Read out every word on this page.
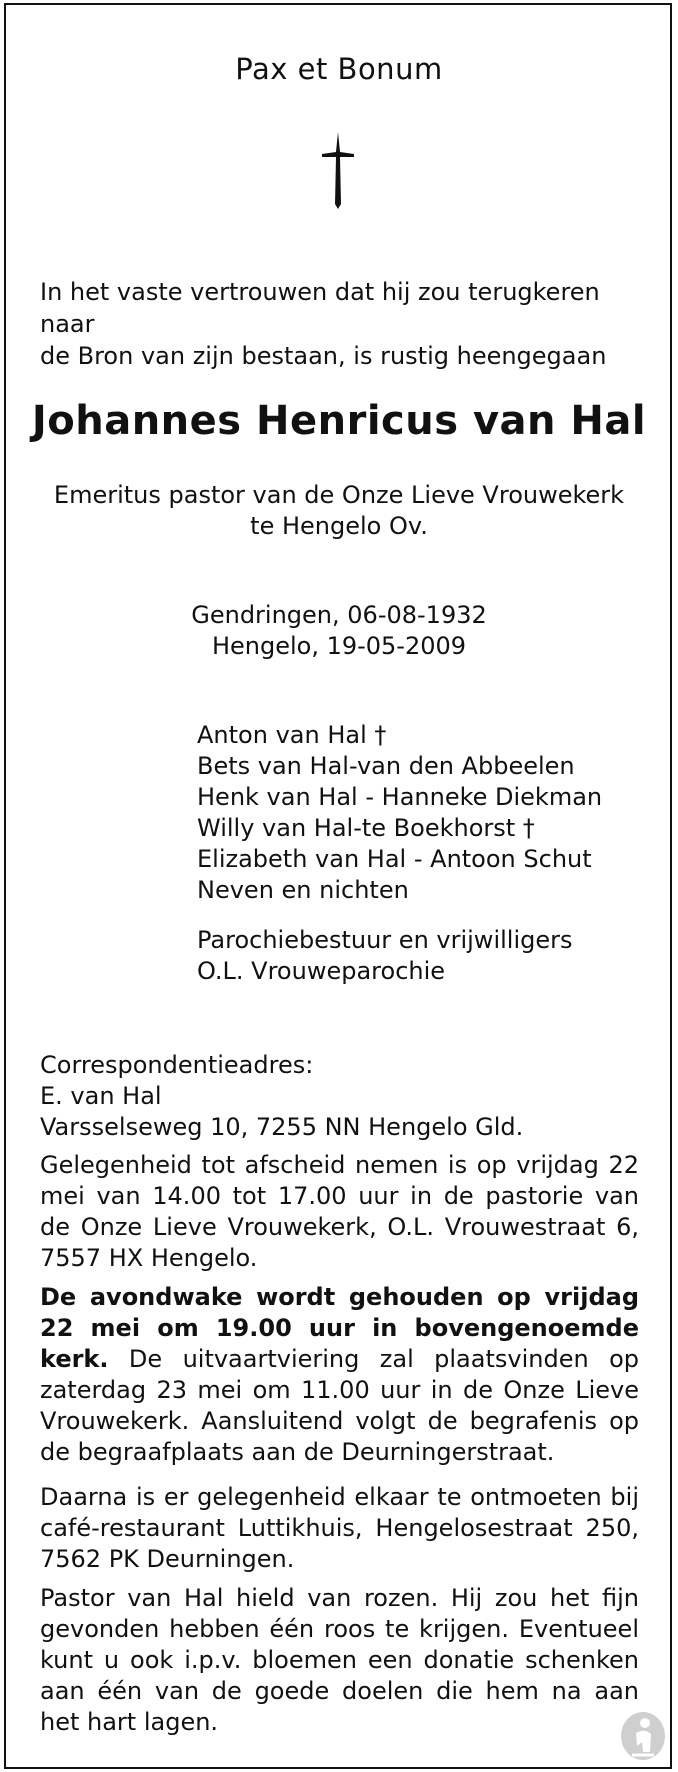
Pax et Bonum
In het vaste vertrouwen dat hij zou terugkeren naar
de Bron van zijn bestaan, is rustig heengegaan
Johannes Henricus van Hal
Emeritus pastor van de Onze Lieve Vrouwekerk
te Hengelo Ov.
Gendringen, 06-08-1932
Hengelo, 19-05-2009
Anton van Hal †
Bets van Hal-van den Abbeelen
Henk van Hal - Hanneke Diekman
Willy van Hal-te Boekhorst †
Elizabeth van Hal - Antoon Schut
Neven en nichten
Parochiebestuur en vrijwilligers
O.L. Vrouweparochie
Correspondentieadres:
E. van Hal
Varsselseweg 10, 7255 NN Hengelo Gld.
Gelegenheid tot afscheid nemen is op vrijdag 22 mei van 14.00 tot 17.00 uur in de pastorie van de Onze Lieve Vrouwekerk, O.L. Vrouwestraat 6, 7557 HX Hengelo.
De avondwake wordt gehouden op vrijdag 22 mei om 19.00 uur in bovengenoemde kerk. De uitvaartviering zal plaatsvinden op zaterdag 23 mei om 11.00 uur in de Onze Lieve Vrouwekerk. Aansluitend volgt de begrafenis op de begraafplaats aan de Deurningerstraat.
Daarna is er gelegenheid elkaar te ontmoeten bij café-restaurant Luttikhuis, Hengelosestraat 250, 7562 PK Deurningen.
Pastor van Hal hield van rozen. Hij zou het fijn gevonden hebben één roos te krijgen. Eventueel kunt u ook i.p.v. bloemen een donatie schenken aan één van de goede doelen die hem na aan het hart lagen.
